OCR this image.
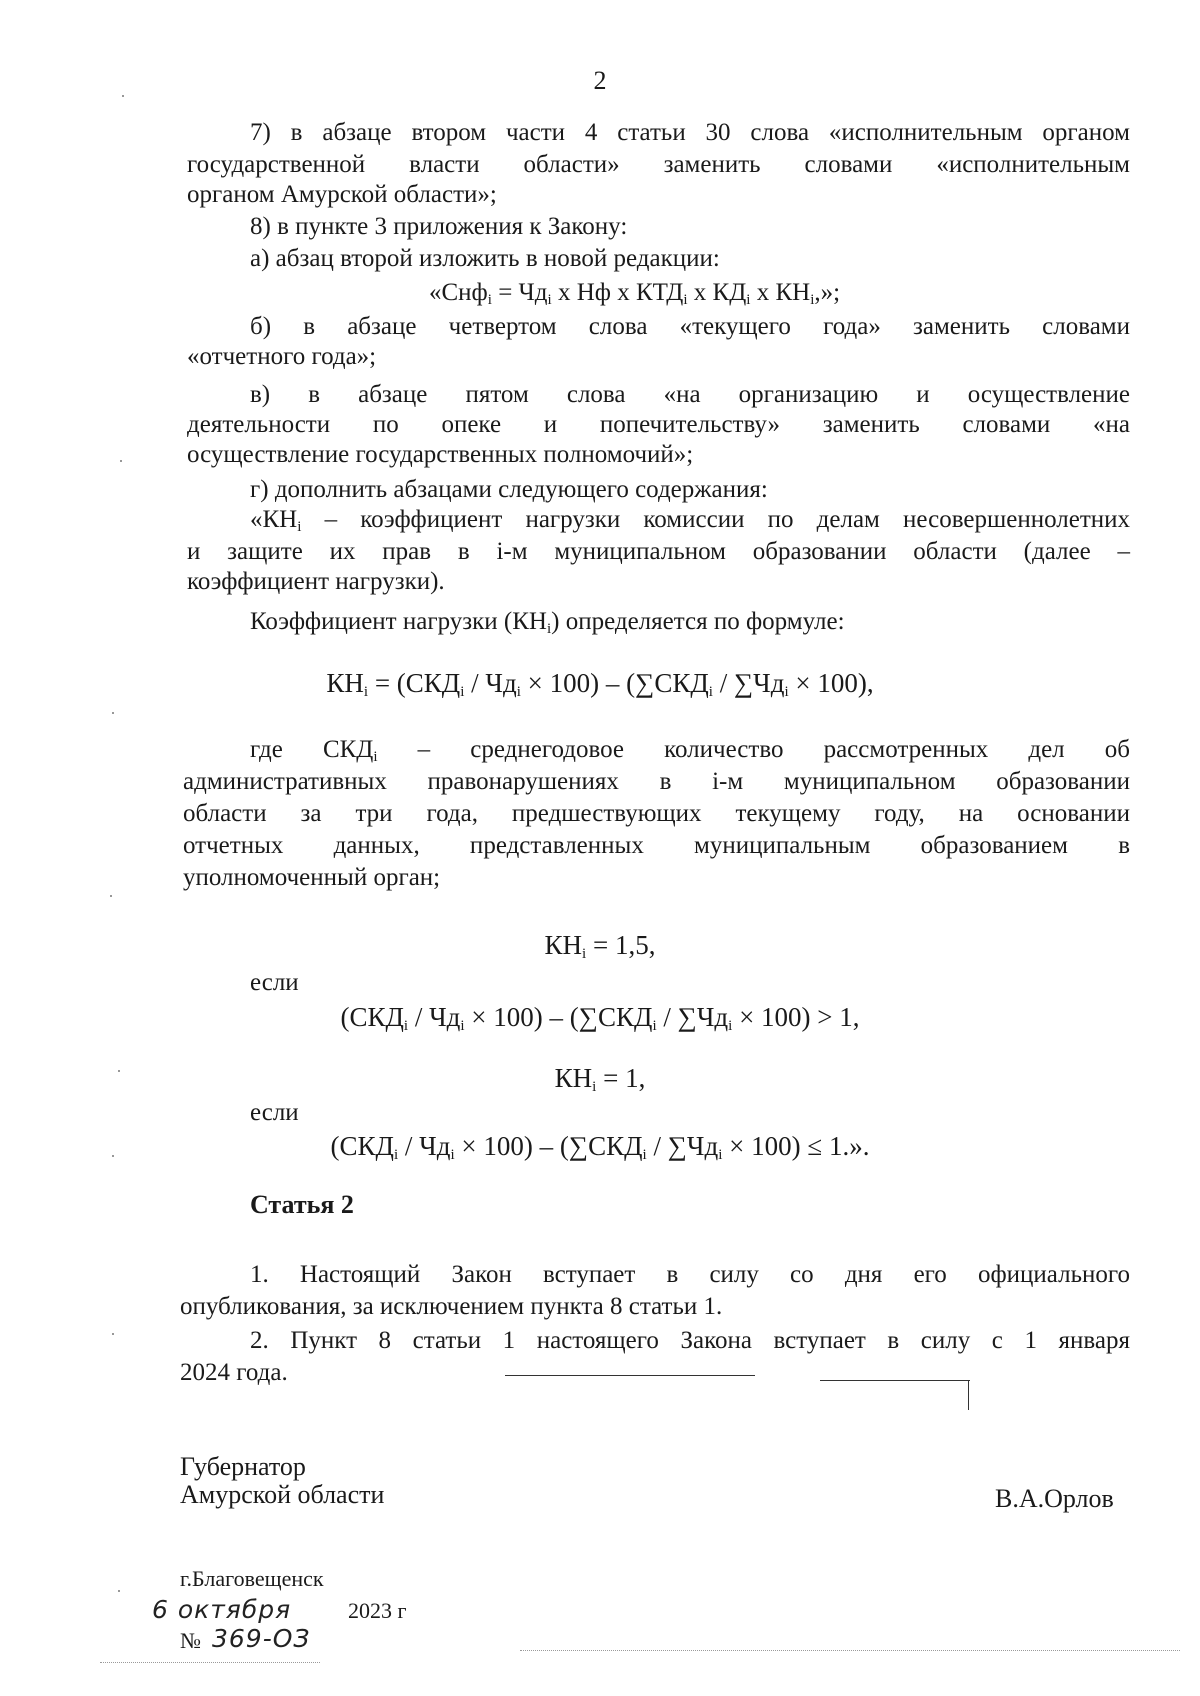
2
7) в абзаце втором части 4 статьи 30 слова «исполнительным органом
государственной власти области» заменить словами «исполнительным
органом Амурской области»;
8) в пункте 3 приложения к Закону:
а) абзац второй изложить в новой редакции:
«$Снф_i = Чд_i$ x Нф x $КТД_i$ x $КД_i$ x $КН_i$,»;
б) в абзаце четвертом слова «текущего года» заменить словами
«отчетного года»;
в) в абзаце пятом слова «на организацию и осуществление
деятельности по опеке и попечительству» заменить словами «на
осуществление государственных полномочий»;
г) дополнить абзацами следующего содержания:
«$КН_i$ – коэффициент нагрузки комиссии по делам несовершеннолетних
и защите их прав в i-м муниципальном образовании области (далее –
коэффициент нагрузки).
Коэффициент нагрузки $(КН_i)$ определяется по формуле:
$КН_i = (СКД_i / Чд_i \times 100) - (\sum СКД_i / \sum Чд_i \times 100)$,
где $СКД_i$ – среднегодовое количество рассмотренных дел об
административных правонарушениях в i-м муниципальном образовании
области за три года, предшествующих текущему году, на основании
отчетных данных, представленных муниципальным образованием в
уполномоченный орган;
$КН_i = 1,5$,
если
$(СКД_i / Чд_i \times 100) - (\sum СКД_i / \sum Чд_i \times 100) > 1$,
$КН_i = 1$,
если
$(СКД_i / Чд_i \times 100) - (\sum СКД_i / \sum Чд_i \times 100) \le 1$.».
Статья 2
1. Настоящий Закон вступает в силу со дня его официального
опубликования, за исключением пункта 8 статьи 1.
2. Пункт 8 статьи 1 настоящего Закона вступает в силу с 1 января
2024 года.
Губернатор
Амурской области	В.А.Орлов
г.Благовещенск
6 октября	2023 г
№ 369-ОЗ
